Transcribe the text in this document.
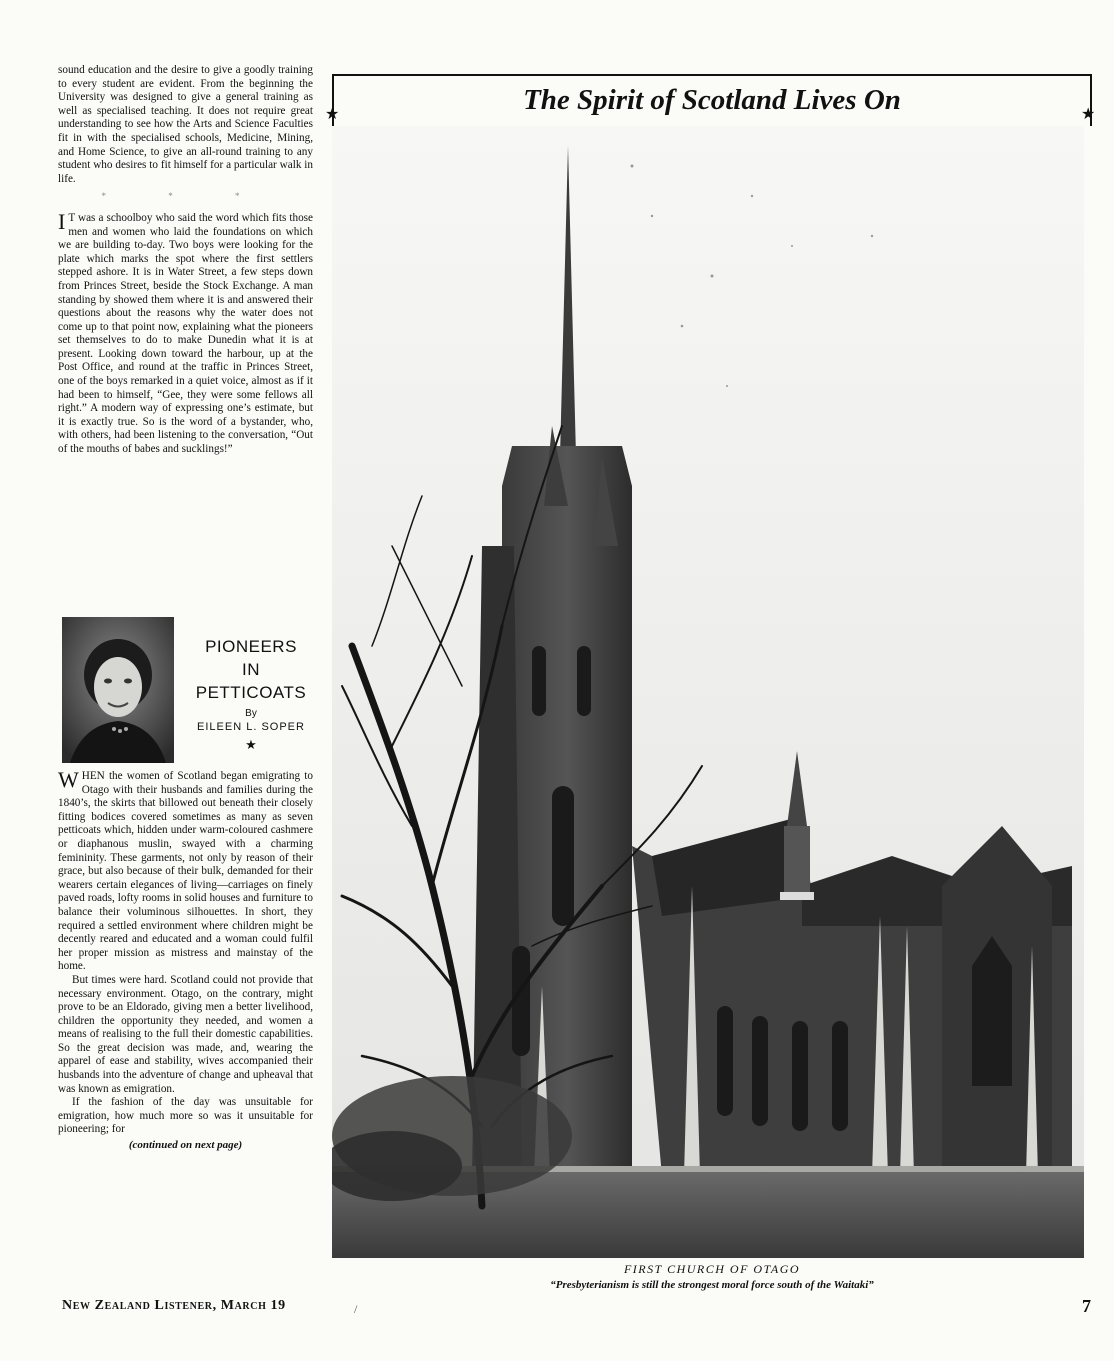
sound education and the desire to give a goodly training to every student are evident. From the beginning the University was designed to give a general training as well as specialised teaching. It does not require great understanding to see how the Arts and Science Faculties fit in with the specialised schools, Medicine, Mining, and Home Science, to give an all-round training to any student who desires to fit himself for a particular walk in life.

* * *

I T was a schoolboy who said the word which fits those men and women who laid the foundations on which we are building to-day. Two boys were looking for the plate which marks the spot where the first settlers stepped ashore. It is in Water Street, a few steps down from Princes Street, beside the Stock Exchange. A man standing by showed them where it is and answered their questions about the reasons why the water does not come up to that point now, explaining what the pioneers set themselves to do to make Dunedin what it is at present. Looking down toward the harbour, up at the Post Office, and round at the traffic in Princes Street, one of the boys remarked in a quiet voice, almost as if it had been to himself, “Gee, they were some fellows all right.” A modern way of expressing one’s estimate, but it is exactly true. So is the word of a bystander, who, with others, had been listening to the conversation, “Out of the mouths of babes and sucklings!”

PIONEERS
IN
PETTICOATS
By
EILEEN L. SOPER
★

WHEN the women of Scotland began emigrating to Otago with their husbands and families during the 1840’s, the skirts that billowed out beneath their closely fitting bodices covered sometimes as many as seven petticoats which, hidden under warm-coloured cashmere or diaphanous muslin, swayed with a charming femininity. These garments, not only by reason of their grace, but also because of their bulk, demanded for their wearers certain elegances of living—carriages on finely paved roads, lofty rooms in solid houses and furniture to balance their voluminous silhouettes. In short, they required a settled environment where children might be decently reared and educated and a woman could fulfil her proper mission as mistress and mainstay of the home.

But times were hard. Scotland could not provide that necessary environment. Otago, on the contrary, might prove to be an Eldorado, giving men a better livelihood, children the opportunity they needed, and women a means of realising to the full their domestic capabilities. So the great decision was made, and, wearing the apparel of ease and stability, wives accompanied their husbands into the adventure of change and upheaval that was known as emigration.

If the fashion of the day was unsuitable for emigration, how much more so was it unsuitable for pioneering; for

(continued on next page)
New Zealand Listener, March 19	/	7
The Spirit of Scotland Lives On
★	★
FIRST CHURCH OF OTAGO
“Presbyterianism is still the strongest moral force south of the Waitaki”
